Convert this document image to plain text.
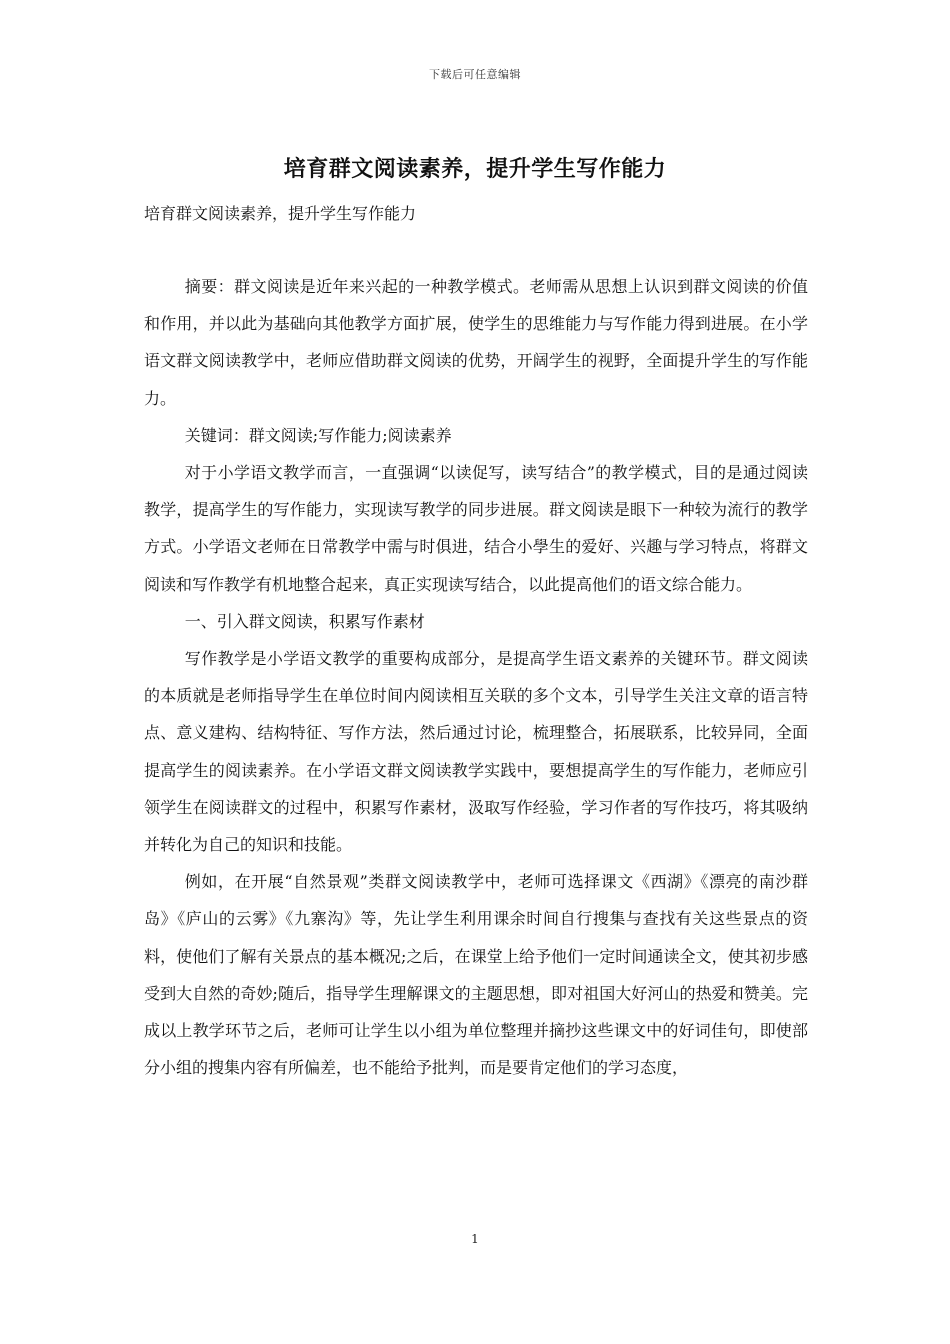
下载后可任意编辑
培育群文阅读素养，提升学生写作能力
培育群文阅读素养，提升学生写作能力

摘要：群文阅读是近年来兴起的一种教学模式。老师需从思想上认识到群文阅读的价值和作用，并以此为基础向其他教学方面扩展，使学生的思维能力与写作能力得到进展。在小学语文群文阅读教学中，老师应借助群文阅读的优势，开阔学生的视野，全面提升学生的写作能力。

关键词：群文阅读;写作能力;阅读素养

对于小学语文教学而言，一直强调“以读促写，读写结合”的教学模式，目的是通过阅读教学，提高学生的写作能力，实现读写教学的同步进展。群文阅读是眼下一种较为流行的教学方式。小学语文老师在日常教学中需与时俱进，结合小學生的爱好、兴趣与学习特点，将群文阅读和写作教学有机地整合起来，真正实现读写结合，以此提高他们的语文综合能力。

一、引入群文阅读，积累写作素材

写作教学是小学语文教学的重要构成部分，是提高学生语文素养的关键环节。群文阅读的本质就是老师指导学生在单位时间内阅读相互关联的多个文本，引导学生关注文章的语言特点、意义建构、结构特征、写作方法，然后通过讨论，梳理整合，拓展联系，比较异同，全面提高学生的阅读素养。在小学语文群文阅读教学实践中，要想提高学生的写作能力，老师应引领学生在阅读群文的过程中，积累写作素材，汲取写作经验，学习作者的写作技巧，将其吸纳并转化为自己的知识和技能。

例如，在开展“自然景观”类群文阅读教学中，老师可选择课文《西湖》《漂亮的南沙群岛》《庐山的云雾》《九寨沟》等，先让学生利用课余时间自行搜集与查找有关这些景点的资料，使他们了解有关景点的基本概况;之后，在课堂上给予他们一定时间通读全文，使其初步感受到大自然的奇妙;随后，指导学生理解课文的主题思想，即对祖国大好河山的热爱和赞美。完成以上教学环节之后，老师可让学生以小组为单位整理并摘抄这些课文中的好词佳句，即使部分小组的搜集内容有所偏差，也不能给予批判，而是要肯定他们的学习态度，

1
